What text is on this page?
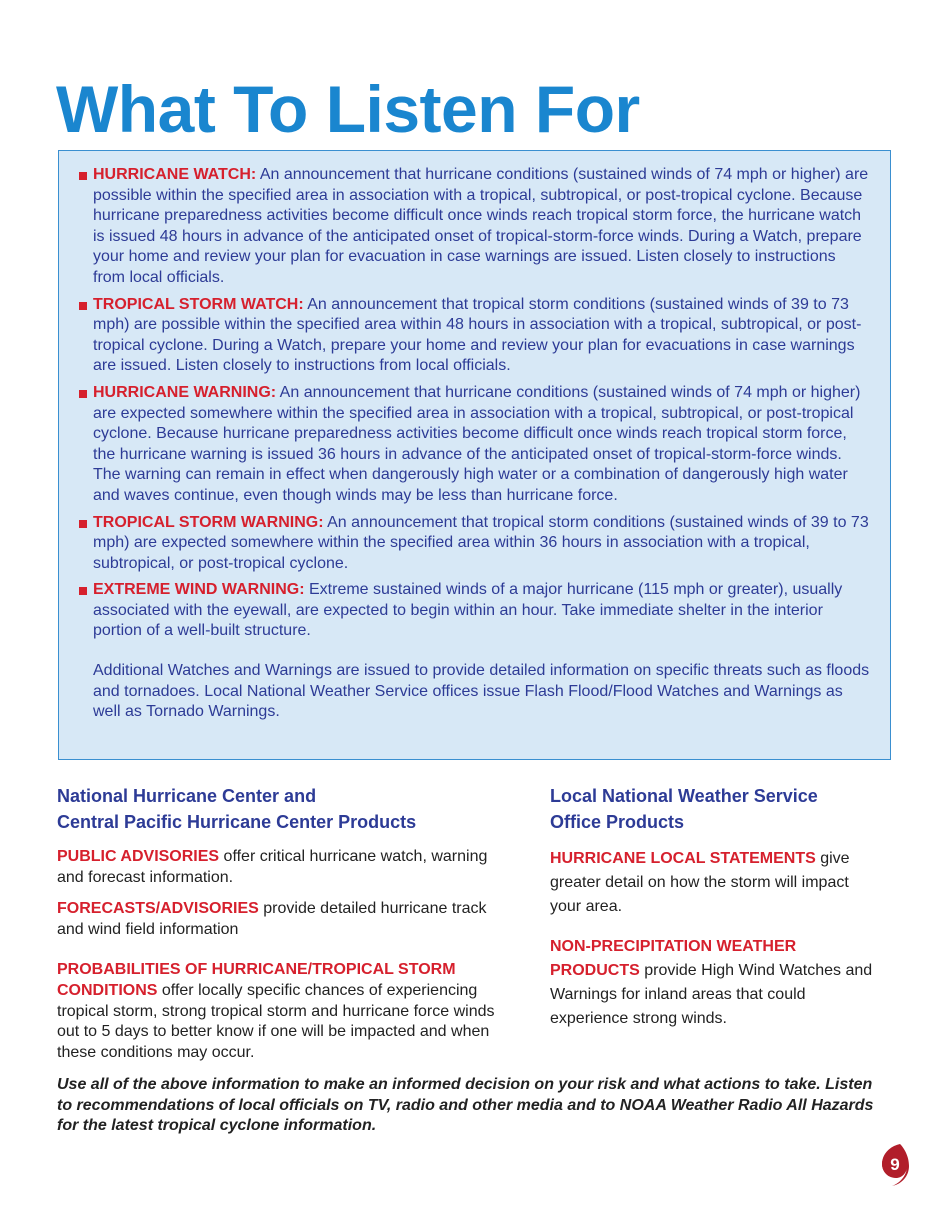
What To Listen For
HURRICANE WATCH: An announcement that hurricane conditions (sustained winds of 74 mph or higher) are possible within the specified area in association with a tropical, subtropical, or post-tropical cyclone. Because hurricane preparedness activities become difficult once winds reach tropical storm force, the hurricane watch is issued 48 hours in advance of the anticipated onset of tropical-storm-force winds. During a Watch, prepare your home and review your plan for evacuation in case warnings are issued. Listen closely to instructions from local officials.
TROPICAL STORM WATCH: An announcement that tropical storm conditions (sustained winds of 39 to 73 mph) are possible within the specified area within 48 hours in association with a tropical, subtropical, or post-tropical cyclone. During a Watch, prepare your home and review your plan for evacuations in case warnings are issued. Listen closely to instructions from local officials.
HURRICANE WARNING: An announcement that hurricane conditions (sustained winds of 74 mph or higher) are expected somewhere within the specified area in association with a tropical, subtropical, or post-tropical cyclone. Because hurricane preparedness activities become difficult once winds reach tropical storm force, the hurricane warning is issued 36 hours in advance of the anticipated onset of tropical-storm-force winds. The warning can remain in effect when dangerously high water or a combination of dangerously high water and waves continue, even though winds may be less than hurricane force.
TROPICAL STORM WARNING: An announcement that tropical storm conditions (sustained winds of 39 to 73 mph) are expected somewhere within the specified area within 36 hours in association with a tropical, subtropical, or post-tropical cyclone.
EXTREME WIND WARNING: Extreme sustained winds of a major hurricane (115 mph or greater), usually associated with the eyewall, are expected to begin within an hour. Take immediate shelter in the interior portion of a well-built structure.
Additional Watches and Warnings are issued to provide detailed information on specific threats such as floods and tornadoes. Local National Weather Service offices issue Flash Flood/Flood Watches and Warnings as well as Tornado Warnings.
National Hurricane Center and
Central Pacific Hurricane Center Products
PUBLIC ADVISORIES offer critical hurricane watch, warning and forecast information.
FORECASTS/ADVISORIES provide detailed hurricane track and wind field information
PROBABILITIES OF HURRICANE/TROPICAL STORM CONDITIONS offer locally specific chances of experiencing tropical storm, strong tropical storm and hurricane force winds out to 5 days to better know if one will be impacted and when these conditions may occur.
Local National Weather Service
Office Products
HURRICANE LOCAL STATEMENTS give greater detail on how the storm will impact your area.
NON-PRECIPITATION WEATHER PRODUCTS provide High Wind Watches and Warnings for inland areas that could experience strong winds.
Use all of the above information to make an informed decision on your risk and what actions to take. Listen to recommendations of local officials on TV, radio and other media and to NOAA Weather Radio All Hazards for the latest tropical cyclone information.
9
